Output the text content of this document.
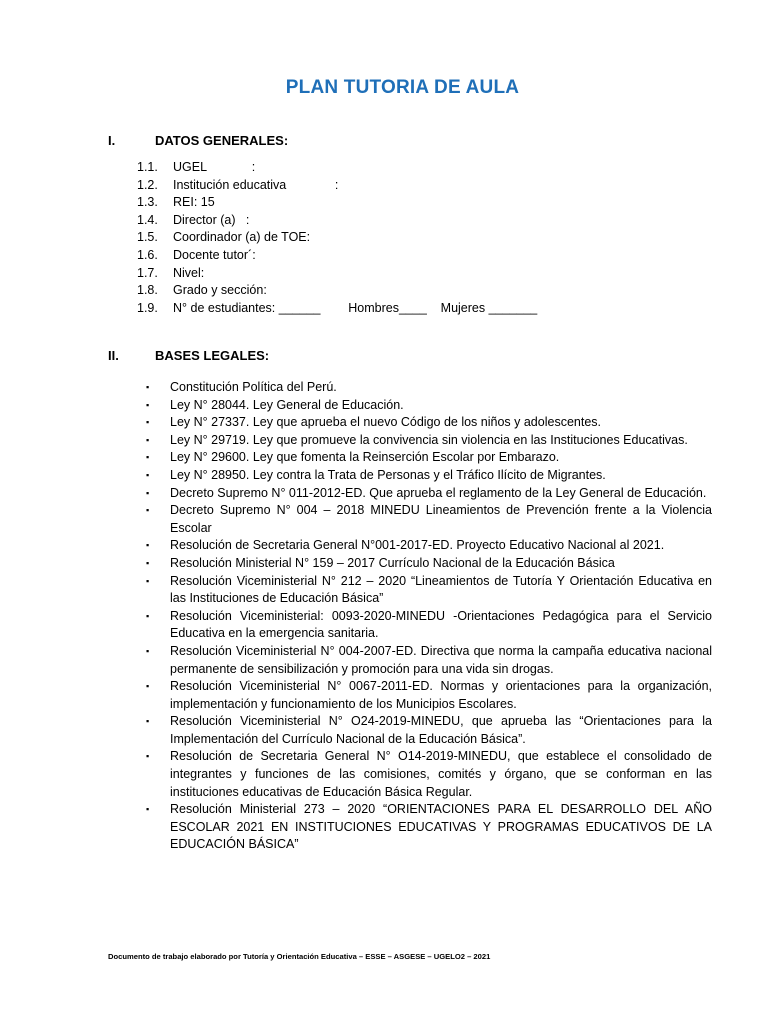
PLAN TUTORIA DE AULA
I.	DATOS GENERALES:
1.1. UGEL             :
1.2. Institución educativa              :
1.3. REI: 15
1.4. Director (a)   :
1.5. Coordinador (a) de TOE:
1.6. Docente tutor´:
1.7. Nivel:
1.8. Grado y sección:
1.9. N° de estudiantes: ______        Hombres____    Mujeres _______
II.	BASES LEGALES:
▪ Constitución Política del Perú.
▪ Ley N° 28044. Ley General de Educación.
▪ Ley N° 27337. Ley que aprueba el nuevo Código de los niños y adolescentes.
▪ Ley N° 29719. Ley que promueve la convivencia sin violencia en las Instituciones Educativas.
▪ Ley N° 29600. Ley que fomenta la Reinserción Escolar por Embarazo.
▪ Ley N° 28950. Ley contra la Trata de Personas y el Tráfico Ilícito de Migrantes.
▪ Decreto Supremo N° 011-2012-ED. Que aprueba el reglamento de la Ley General de Educación.
▪ Decreto Supremo N° 004 – 2018 MINEDU Lineamientos de Prevención frente a la Violencia Escolar
▪ Resolución de Secretaria General N°001-2017-ED. Proyecto Educativo Nacional al 2021.
▪ Resolución Ministerial N° 159 – 2017 Currículo Nacional de la Educación Básica
▪ Resolución Viceministerial N° 212 – 2020 “Lineamientos de Tutoría Y Orientación Educativa en las Instituciones de Educación Básica”
▪ Resolución Viceministerial: 0093-2020-MINEDU -Orientaciones Pedagógica para el Servicio Educativa en la emergencia sanitaria.
▪ Resolución Viceministerial N° 004-2007-ED. Directiva que norma la campaña educativa nacional permanente de sensibilización y promoción para una vida sin drogas.
▪ Resolución Viceministerial N° 0067-2011-ED. Normas y orientaciones para la organización, implementación y funcionamiento de los Municipios Escolares.
▪ Resolución Viceministerial N° O24-2019-MINEDU, que aprueba las “Orientaciones para la Implementación del Currículo Nacional de la Educación Básica”.
▪ Resolución de Secretaria General N° O14-2019-MINEDU, que establece el consolidado de integrantes y funciones de las comisiones, comités y órgano, que se conforman en las instituciones educativas de Educación Básica Regular.
▪ Resolución Ministerial 273 – 2020 “ORIENTACIONES PARA EL DESARROLLO DEL AÑO ESCOLAR 2021 EN INSTITUCIONES EDUCATIVAS Y PROGRAMAS EDUCATIVOS DE LA EDUCACIÓN BÁSICA”
Documento de trabajo elaborado por Tutoría y Orientación Educativa – ESSE – ASGESE – UGELO2 – 2021
